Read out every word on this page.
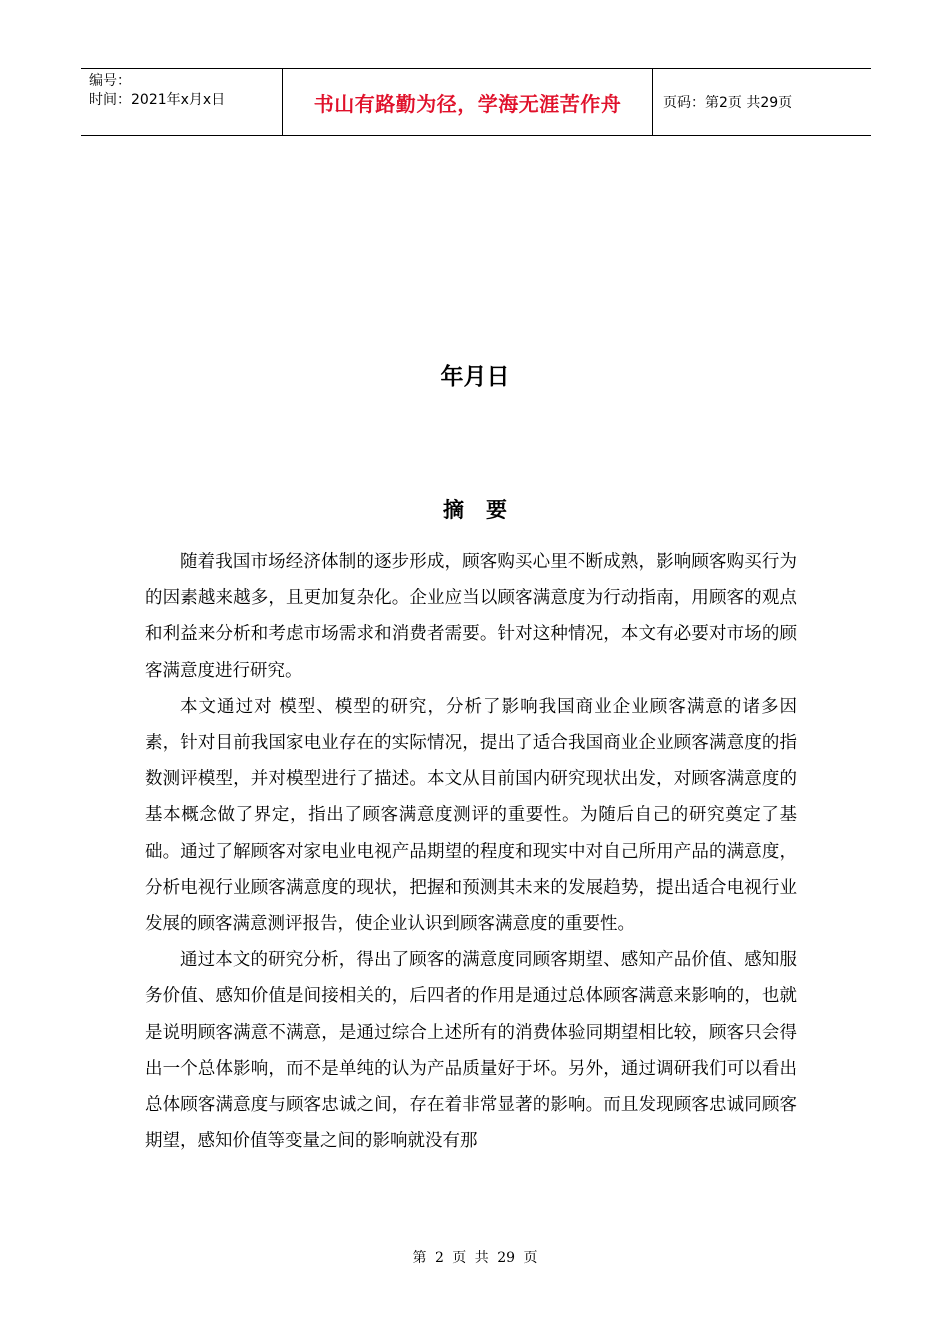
编号：
时间：2021年x月x日	书山有路勤为径，学海无涯苦作舟	页码：第2页 共29页
年月日
摘要

随着我国市场经济体制的逐步形成，顾客购买心里不断成熟，影响顾客购买行为的因素越来越多，且更加复杂化。企业应当以顾客满意度为行动指南，用顾客的观点和利益来分析和考虑市场需求和消费者需要。针对这种情况，本文有必要对市场的顾客满意度进行研究。

本文通过对 模型、模型的研究，分析了影响我国商业企业顾客满意的诸多因素，针对目前我国家电业存在的实际情况，提出了适合我国商业企业顾客满意度的指数测评模型，并对模型进行了描述。本文从目前国内研究现状出发，对顾客满意度的基本概念做了界定，指出了顾客满意度测评的重要性。为随后自己的研究奠定了基础。通过了解顾客对家电业电视产品期望的程度和现实中对自己所用产品的满意度，分析电视行业顾客满意度的现状，把握和预测其未来的发展趋势，提出适合电视行业发展的顾客满意测评报告，使企业认识到顾客满意度的重要性。

通过本文的研究分析，得出了顾客的满意度同顾客期望、感知产品价值、感知服务价值、感知价值是间接相关的，后四者的作用是通过总体顾客满意来影响的，也就是说明顾客满意不满意，是通过综合上述所有的消费体验同期望相比较，顾客只会得出一个总体影响，而不是单纯的认为产品质量好于坏。另外，通过调研我们可以看出总体顾客满意度与顾客忠诚之间，存在着非常显著的影响。而且发现顾客忠诚同顾客期望，感知价值等变量之间的影响就没有那

第 2 页 共 29 页
